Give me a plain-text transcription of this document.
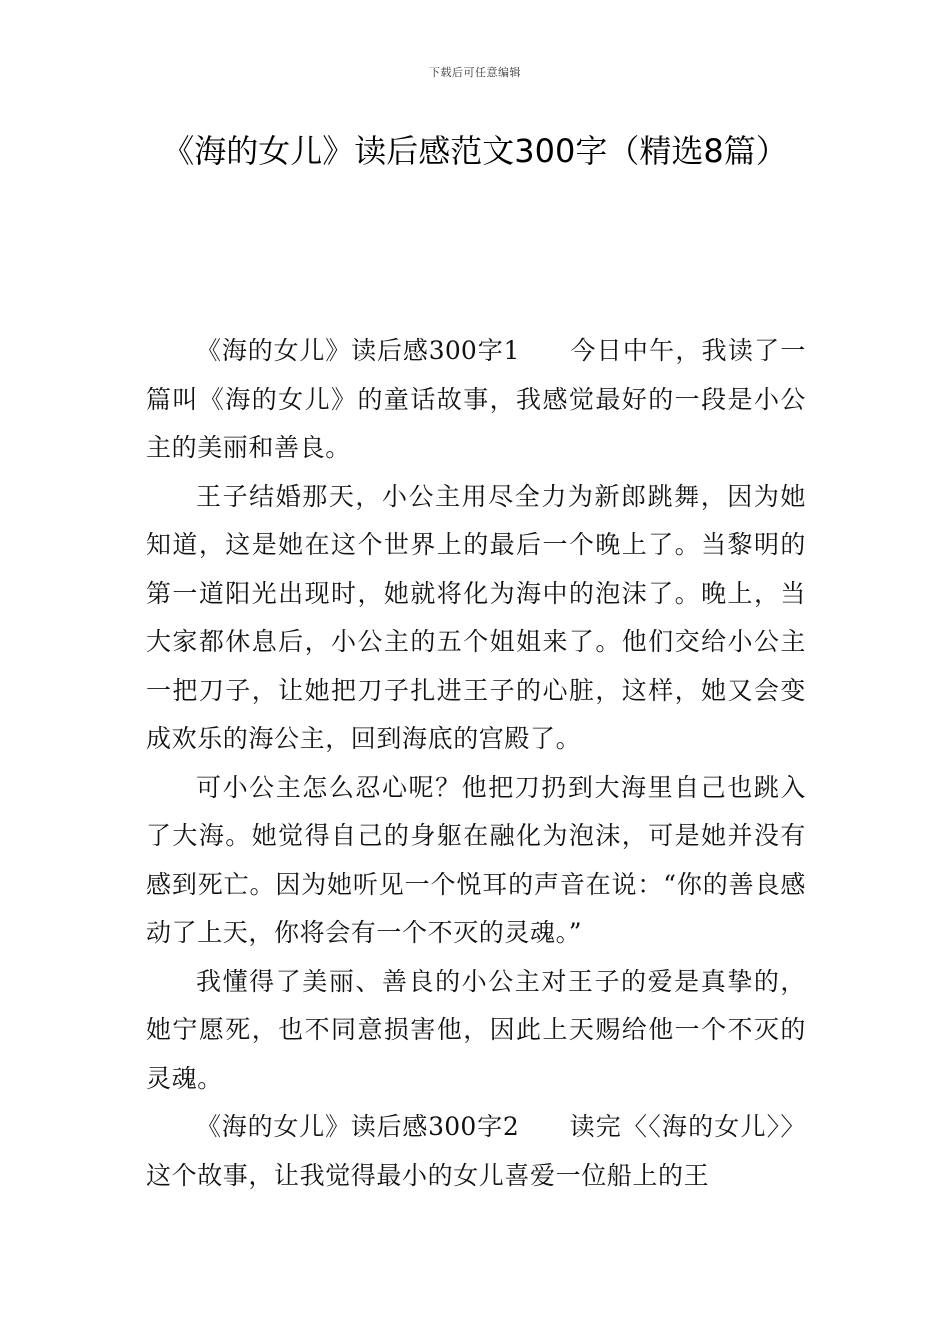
下载后可任意编辑
《海的女儿》读后感范文300字（精选8篇）

《海的女儿》读后感300字1 今日中午，我读了一篇叫《海的女儿》的童话故事，我感觉最好的一段是小公主的美丽和善良。

王子结婚那天，小公主用尽全力为新郎跳舞，因为她知道，这是她在这个世界上的最后一个晚上了。当黎明的第一道阳光出现时，她就将化为海中的泡沫了。晚上，当大家都休息后，小公主的五个姐姐来了。他们交给小公主一把刀子，让她把刀子扎进王子的心脏，这样，她又会变成欢乐的海公主，回到海底的宫殿了。

可小公主怎么忍心呢？他把刀扔到大海里自己也跳入了大海。她觉得自己的身躯在融化为泡沫，可是她并没有感到死亡。因为她听见一个悦耳的声音在说：“你的善良感动了上天，你将会有一个不灭的灵魂。”

我懂得了美丽、善良的小公主对王子的爱是真挚的，她宁愿死，也不同意损害他，因此上天赐给他一个不灭的灵魂。

《海的女儿》读后感300字2 读完〈〈海的女儿〉〉这个故事，让我觉得最小的女儿喜爱一位船上的王
